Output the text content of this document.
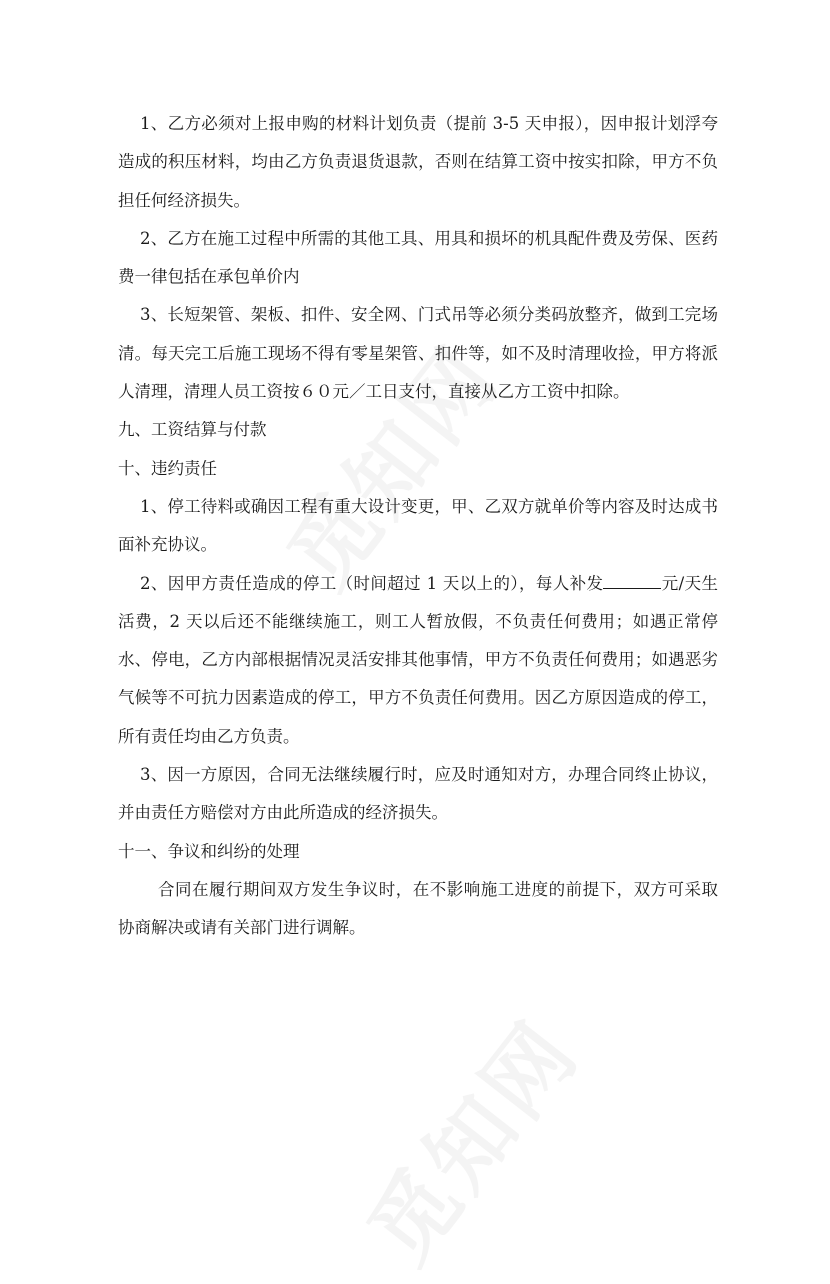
1、乙方必须对上报申购的材料计划负责（提前 3-5 天申报），因申报计划浮夸造成的积压材料，均由乙方负责退货退款，否则在结算工资中按实扣除，甲方不负担任何经济损失。

2、乙方在施工过程中所需的其他工具、用具和损坏的机具配件费及劳保、医药费一律包括在承包单价内

3、长短架管、架板、扣件、安全网、门式吊等必须分类码放整齐，做到工完场清。每天完工后施工现场不得有零星架管、扣件等，如不及时清理收捡，甲方将派人清理，清理人员工资按６０元／工日支付，直接从乙方工资中扣除。

九、工资结算与付款

十、违约责任

1、停工待料或确因工程有重大设计变更，甲、乙双方就单价等内容及时达成书面补充协议。

2、因甲方责任造成的停工（时间超过 1 天以上的），每人补发	元/天生活费，2 天以后还不能继续施工，则工人暂放假，不负责任何费用；如遇正常停水、停电，乙方内部根据情况灵活安排其他事情，甲方不负责任何费用；如遇恶劣气候等不可抗力因素造成的停工，甲方不负责任何费用。因乙方原因造成的停工，所有责任均由乙方负责。

3、因一方原因，合同无法继续履行时，应及时通知对方，办理合同终止协议，并由责任方赔偿对方由此所造成的经济损失。

十一、争议和纠纷的处理

合同在履行期间双方发生争议时，在不影响施工进度的前提下，双方可采取协商解决或请有关部门进行调解。
